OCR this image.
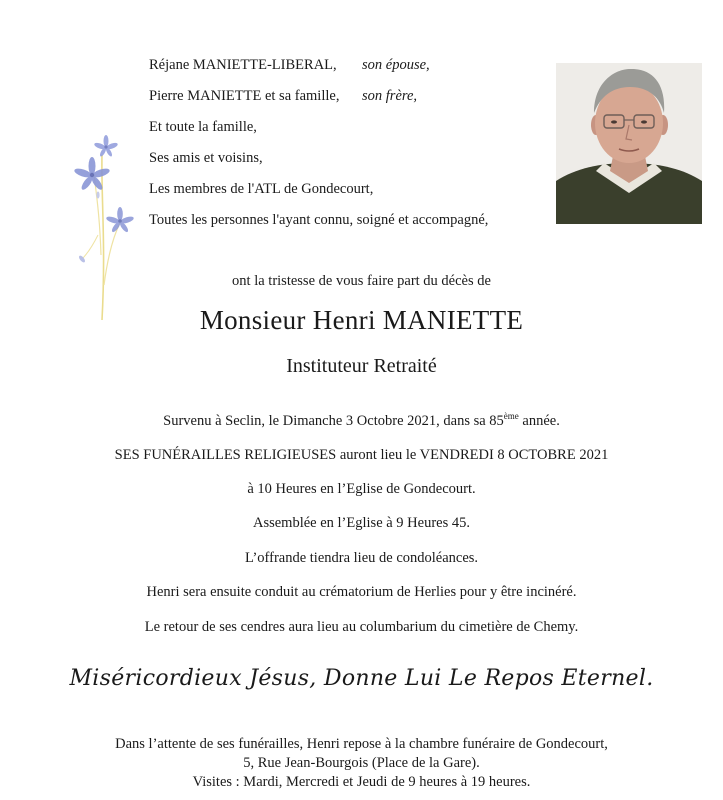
Réjane MANIETTE-LIBERAL, son épouse,
Pierre MANIETTE et sa famille, son frère,
Et toute la famille,
Ses amis et voisins,
Les membres de l'ATL de Gondecourt,
Toutes les personnes l'ayant connu, soigné et accompagné,
ont la tristesse de vous faire part du décès de
Monsieur Henri MANIETTE
Instituteur Retraité
Survenu à Seclin, le Dimanche 3 Octobre 2021, dans sa 85ème année.
SES FUNÉRAILLES RELIGIEUSES auront lieu le VENDREDI 8 OCTOBRE 2021
à 10 Heures en l’Eglise de Gondecourt.
Assemblée en l’Eglise à 9 Heures 45.
L’offrande tiendra lieu de condoléances.
Henri sera ensuite conduit au crématorium de Herlies pour y être incinéré.
Le retour de ses cendres aura lieu au columbarium du cimetière de Chemy.
Miséricordieux Jésus, Donne Lui Le Repos Eternel.
Dans l’attente de ses funérailles, Henri repose à la chambre funéraire de Gondecourt,
5, Rue Jean-Bourgois (Place de la Gare).
Visites : Mardi, Mercredi et Jeudi de 9 heures à 19 heures.
